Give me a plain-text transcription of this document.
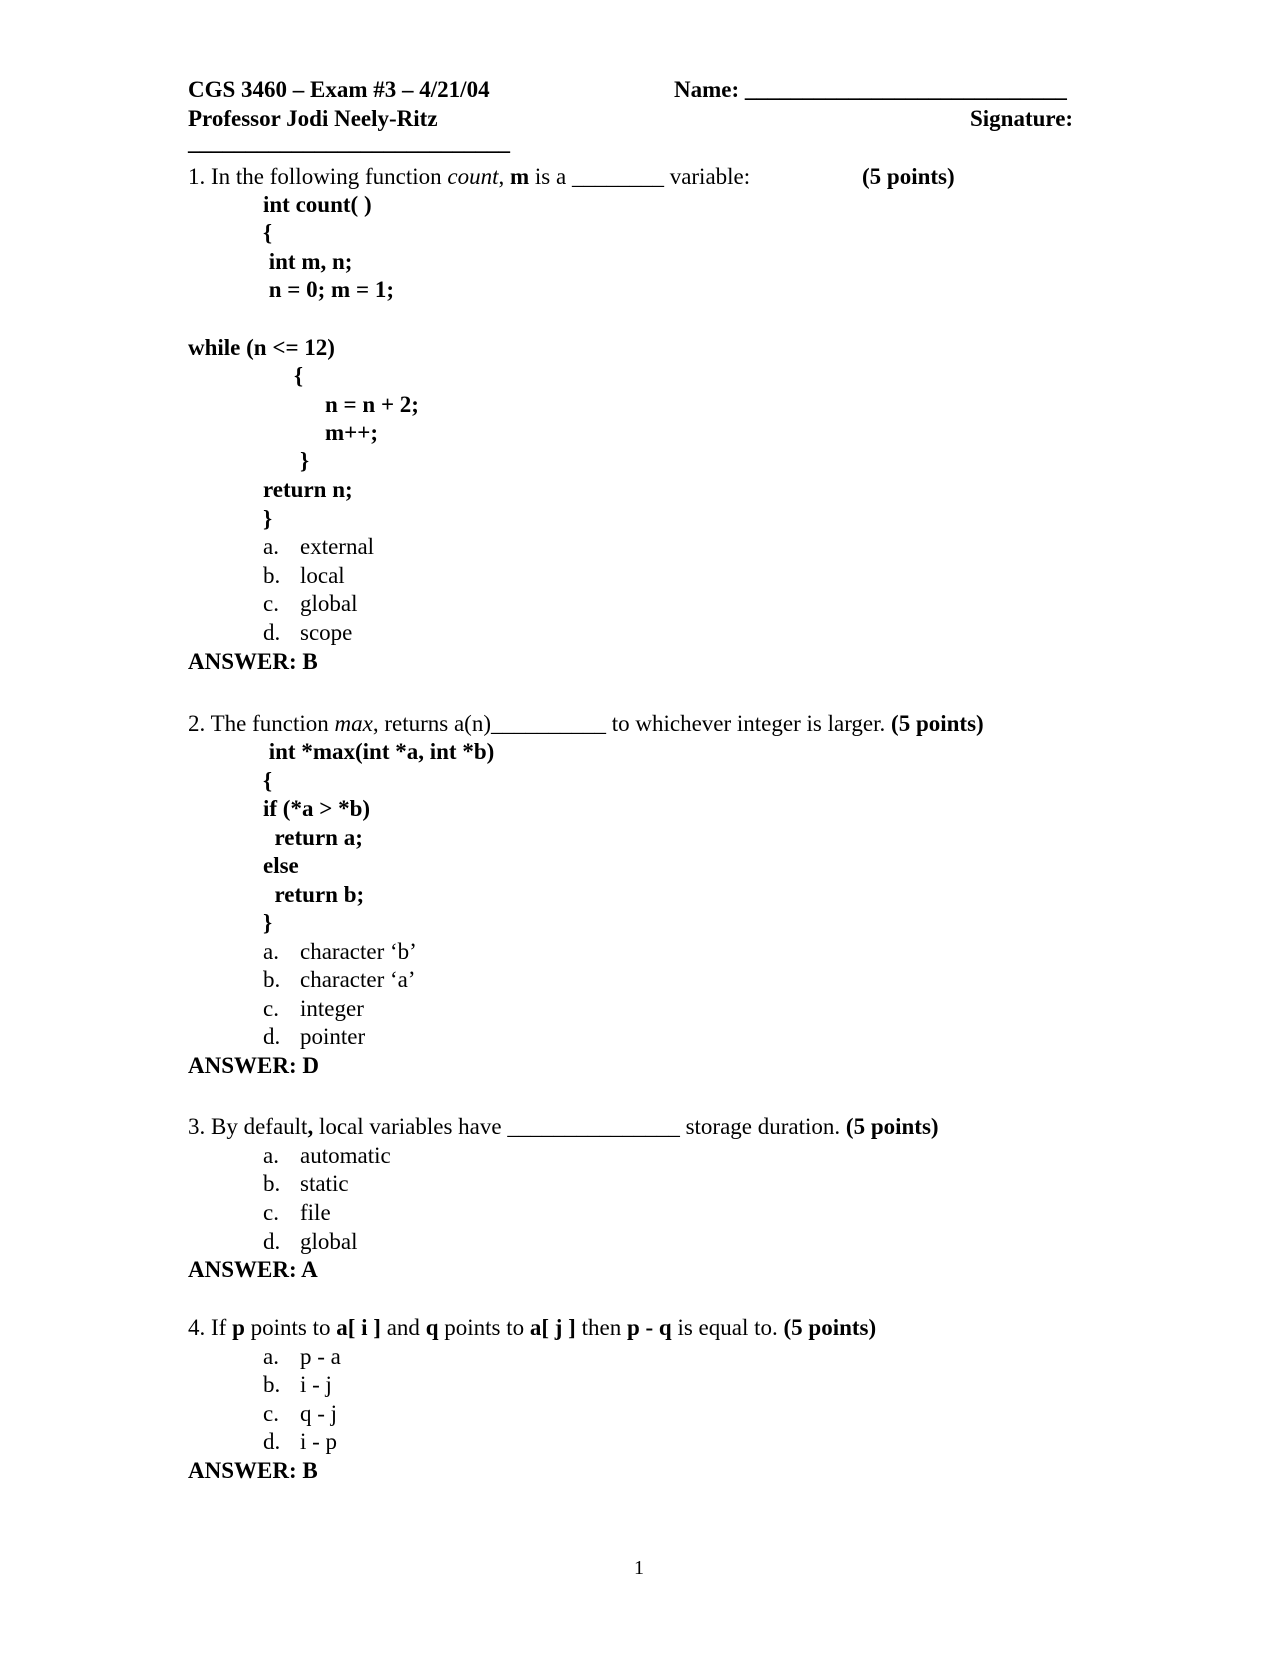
CGS 3460 – Exam #3 – 4/21/04	Name: ____________________________
Professor Jodi Neely-Ritz	Signature:
____________________________
1. In the following function count, m is a ________ variable:	(5 points)
int count( )
{
int m, n;
n = 0; m = 1;
while (n <= 12)
{
n = n + 2;
m++;
}
return n;
}
a. external
b. local
c. global
d. scope
ANSWER: B
2. The function max, returns a(n)__________ to whichever integer is larger. (5 points)
int *max(int *a, int *b)
{
if (*a > *b)
return a;
else
return b;
}
a. character ‘b’
b. character ‘a’
c. integer
d. pointer
ANSWER: D
3. By default, local variables have _______________ storage duration. (5 points)
a. automatic
b. static
c. file
d. global
ANSWER: A
4. If p points to a[ i ] and q points to a[ j ] then p - q is equal to. (5 points)
a. p - a
b. i - j
c. q - j
d. i - p
ANSWER: B
1
